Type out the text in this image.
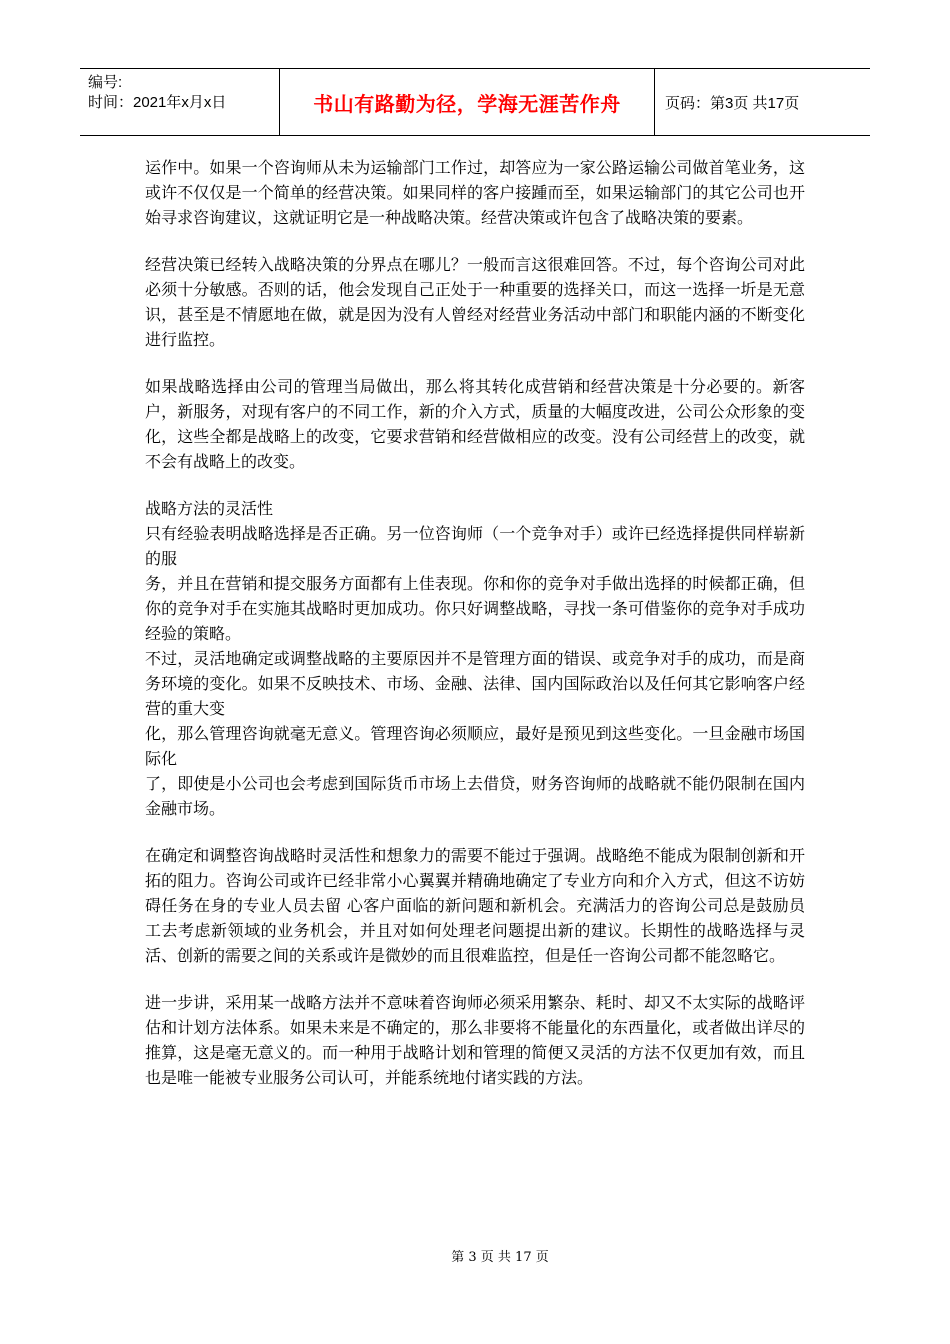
编号:
时间：2021年x月x日	书山有路勤为径，学海无涯苦作舟	页码：第3页 共17页

运作中。如果一个咨询师从未为运输部门工作过，却答应为一家公路运输公司做首笔业务，这或许不仅仅是一个简单的经营决策。如果同样的客户接踵而至，如果运输部门的其它公司也开始寻求咨询建议，这就证明它是一种战略决策。经营决策或许包含了战略决策的要素。

经营决策已经转入战略决策的分界点在哪儿？一般而言这很难回答。不过，每个咨询公司对此必须十分敏感。否则的话，他会发现自己正处于一种重要的选择关口，而这一选择一圻是无意识，甚至是不情愿地在做，就是因为没有人曾经对经营业务活动中部门和职能内涵的不断变化进行监控。

如果战略选择由公司的管理当局做出，那么将其转化成营销和经营决策是十分必要的。新客户，新服务，对现有客户的不同工作，新的介入方式，质量的大幅度改进，公司公众形象的变化，这些全都是战略上的改变，它要求营销和经营做相应的改变。没有公司经营上的改变，就不会有战略上的改变。

战略方法的灵活性
只有经验表明战略选择是否正确。另一位咨询师（一个竞争对手）或许已经选择提供同样崭新的服
务，并且在营销和提交服务方面都有上佳表现。你和你的竞争对手做出选择的时候都正确，但你的竞争对手在实施其战略时更加成功。你只好调整战略，寻找一条可借鉴你的竞争对手成功经验的策略。
不过，灵活地确定或调整战略的主要原因并不是管理方面的错误、或竞争对手的成功，而是商务环境的变化。如果不反映技术、市场、金融、法律、国内国际政治以及任何其它影响客户经营的重大变
化，那么管理咨询就毫无意义。管理咨询必须顺应，最好是预见到这些变化。一旦金融市场国际化
了，即使是小公司也会考虑到国际货币市场上去借贷，财务咨询师的战略就不能仍限制在国内金融市场。

在确定和调整咨询战略时灵活性和想象力的需要不能过于强调。战略绝不能成为限制创新和开拓的阻力。咨询公司或许已经非常小心翼翼并精确地确定了专业方向和介入方式，但这不访妨碍任务在身的专业人员去留 心客户面临的新问题和新机会。充满活力的咨询公司总是鼓励员工去考虑新领域的业务机会，并且对如何处理老问题提出新的建议。长期性的战略选择与灵活、创新的需要之间的关系或许是微妙的而且很难监控，但是任一咨询公司都不能忽略它。

进一步讲，采用某一战略方法并不意味着咨询师必须采用繁杂、耗时、却又不太实际的战略评估和计划方法体系。如果未来是不确定的，那么非要将不能量化的东西量化，或者做出详尽的推算，这是毫无意义的。而一种用于战略计划和管理的简便又灵活的方法不仅更加有效，而且也是唯一能被专业服务公司认可，并能系统地付诸实践的方法。

第 3 页 共 17 页
